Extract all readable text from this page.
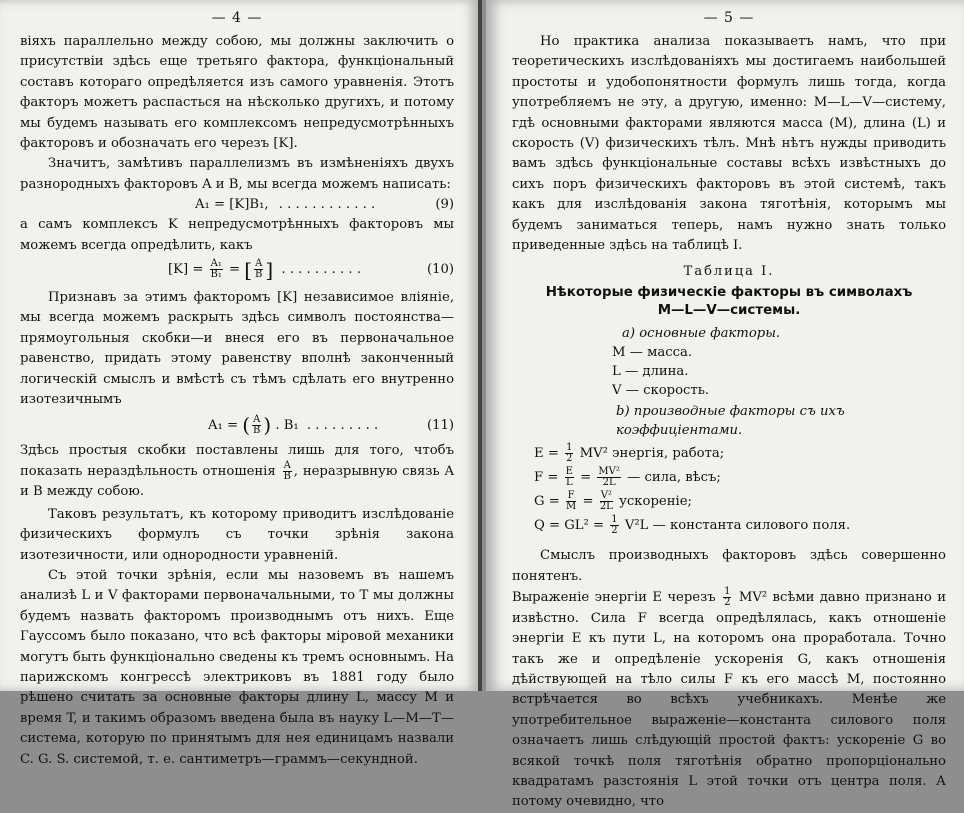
— 4 —

віяхъ параллельно между собою, мы должны заключить о присутствіи здѣсь еще третьяго фактора, функціональный составъ котораго опредѣляется изъ самого уравненія. Этотъ факторъ можетъ распасться на нѣсколько другихъ, и потому мы будемъ называть его комплексомъ непредусмотрѣнныхъ факторовъ и обозначать его черезъ [K].

Значитъ, замѣтивъ параллелизмъ въ измѣненіяхъ двухъ разнородныхъ факторовъ A и B, мы всегда можемъ написать:

A₁ = [K]B₁, . . . . . . . . . . . .	(9)

а самъ комплексъ K непредусмотрѣнныхъ факторовъ мы можемъ всегда опредѣлить, какъ

$[K] = \frac{\text{A₁}}{\text{B₁}}$ = [ $\frac{A}{B}$ ] . . . . . . . . . .	(10)

Признавъ за этимъ факторомъ [K] независимое вліяніе, мы всегда можемъ раскрыть здѣсь символъ постоянства—прямоугольныя скобки—и внеся его въ первоначальное равенство, придать этому равенству вполнѣ законченный логическій смыслъ и вмѣстѣ съ тѣмъ сдѣлать его внутренно изотезичнымъ

A₁ = ( $\frac{A}{B}$ ) . B₁ . . . . . . . . .	(11)

Здѣсь простыя скобки поставлены лишь для того, чтобъ показать нераздѣльность отношенія $\frac{A}{B}$ , неразрывную связь A и B между собою.

Таковъ результатъ, къ которому приводитъ изслѣдованіе физическихъ формулъ съ точки зрѣнія закона изотезичности, или однородности уравненій.

Съ этой точки зрѣнія, если мы назовемъ въ нашемъ анализѣ L и V факторами первоначальными, то T мы должны будемъ назвать факторомъ производнымъ отъ нихъ. Еще Гауссомъ было показано, что всѣ факторы міровой механики могутъ быть функціонально сведены къ тремъ основнымъ. На парижскомъ конгрессѣ электриковъ въ 1881 году было рѣшено считать за основные факторы длину L, массу M и время T, и такимъ образомъ введена была въ науку L—M—T—система, которую по принятымъ для нея единицамъ назвали C. G. S. системой, т. е. сантиметръ—граммъ—секундной.

— 5 —

Но практика анализа показываетъ намъ, что при теоретическихъ изслѣдованіяхъ мы достигаемъ наибольшей простоты и удобопонятности формулъ лишь тогда, когда употребляемъ не эту, а другую, именно: M—L—V—систему, гдѣ основными факторами являются масса (M), длина (L) и скорость (V) физическихъ тѣлъ. Мнѣ нѣтъ нужды приводить вамъ здѣсь функціональные составы всѣхъ извѣстныхъ до сихъ поръ физическихъ факторовъ въ этой системѣ, такъ какъ для изслѣдованія закона тяготѣнія, которымъ мы будемъ заниматься теперь, намъ нужно знать только приведенные здѣсь на таблицѣ I.

Таблица I.
Нѣкоторые физическіе факторы въ символахъ
M—L—V—системы.
а) основные факторы.
M — масса.
L — длина.
V — скорость.
b) производные факторы съ ихъ коэффиціентами.
$E = \frac{1}{2} MV^2$ энергія, работа;
$F = \frac{E}{L} = \frac{\text{MV²}}{2L}$ — сила, вѣсъ;
$G = \frac{F}{M} = \frac{\text{V²}}{2L}$ ускореніе;
$Q = GL^2 = \frac{1}{2} V^2L$ — константа силового поля.

Смыслъ производныхъ факторовъ здѣсь совершенно понятенъ.

Выраженіе энергіи E черезъ $\frac{1}{2} MV^2$ всѣми давно признано и извѣстно. Сила F всегда опредѣлялась, какъ отношеніе энергіи E къ пути L, на которомъ она проработала. Точно такъ же и опредѣленіе ускоренія G, какъ отношенія дѣйствующей на тѣло силы F къ его массѣ M, постоянно встрѣчается во всѣхъ учебникахъ. Менѣе же употребительное выраженіе—константа силового поля означаетъ лишь слѣдующій простой фактъ: ускореніе G во всякой точкѣ поля тяготѣнія обратно пропорціонально квадратамъ разстоянія L этой точки отъ центра поля. А потому очевидно, что
